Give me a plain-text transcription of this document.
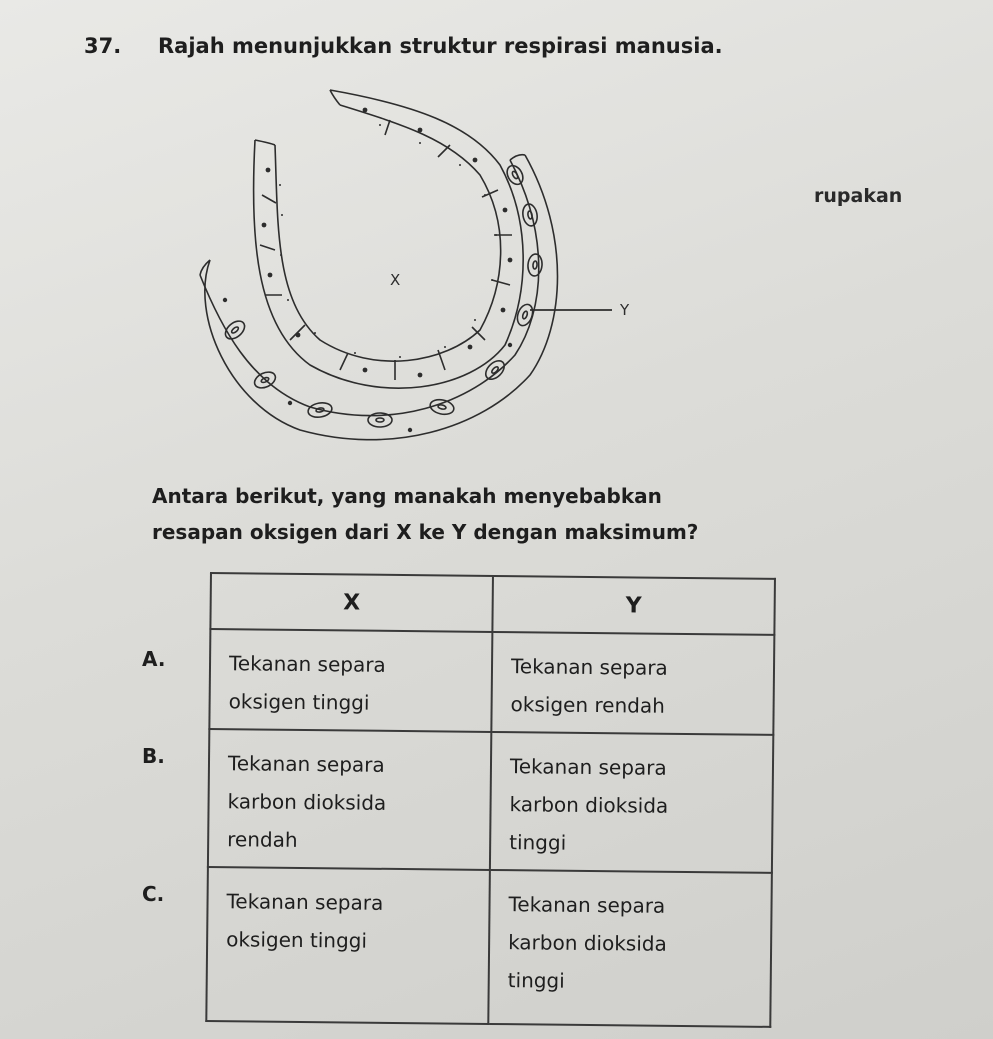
37. Rajah menunjukkan struktur respirasi manusia.
rupakan
X
Y
Antara berikut, yang manakah menyebabkan
resapan oksigen dari X ke Y dengan maksimum?
A.
B.
C.
X	Y

Tekanan separa
oksigen tinggi	Tekanan separa
oksigen rendah

Tekanan separa
karbon dioksida
rendah	Tekanan separa
karbon dioksida
tinggi

Tekanan separa
oksigen tinggi	Tekanan separa
karbon dioksida
tinggi
